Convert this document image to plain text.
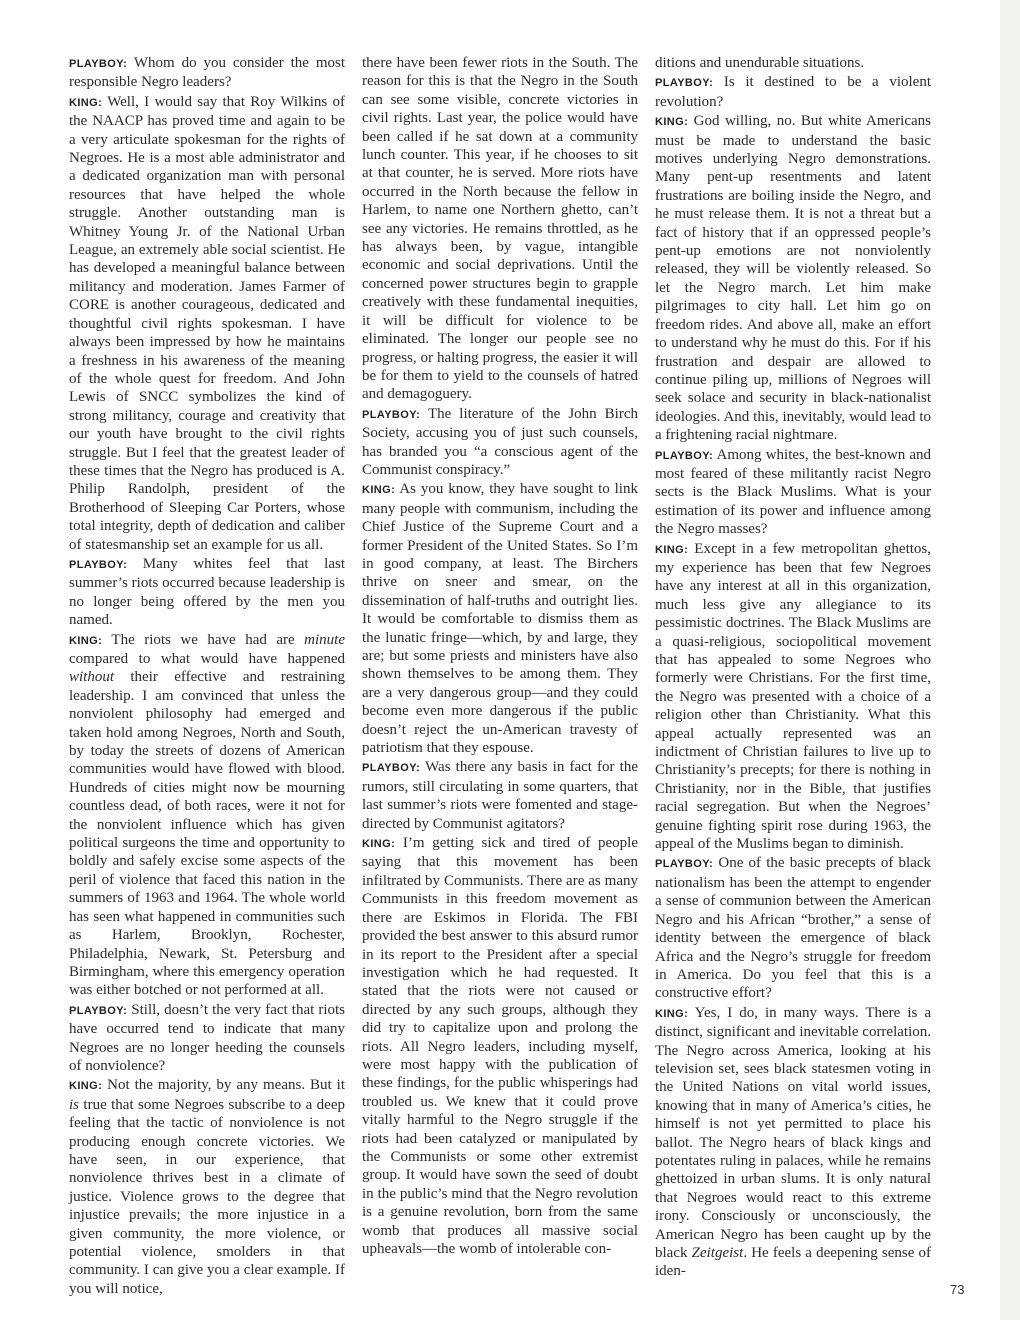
PLAYBOY: Whom do you consider the most responsible Negro leaders?

KING: Well, I would say that Roy Wilkins of the NAACP has proved time and again to be a very articulate spokesman for the rights of Negroes. He is a most able administrator and a dedicated organization man with personal resources that have helped the whole struggle. Another outstanding man is Whitney Young Jr. of the National Urban League, an extremely able social scientist. He has developed a meaningful balance between militancy and moderation. James Farmer of CORE is another courageous, dedicated and thoughtful civil rights spokesman. I have always been impressed by how he maintains a freshness in his awareness of the meaning of the whole quest for freedom. And John Lewis of SNCC symbolizes the kind of strong militancy, courage and creativity that our youth have brought to the civil rights struggle. But I feel that the greatest leader of these times that the Negro has produced is A. Philip Randolph, president of the Brotherhood of Sleeping Car Porters, whose total integrity, depth of dedication and caliber of statesmanship set an example for us all.

PLAYBOY: Many whites feel that last summer’s riots occurred because leadership is no longer being offered by the men you named.

KING: The riots we have had are minute compared to what would have happened without their effective and restraining leadership. I am convinced that unless the nonviolent philosophy had emerged and taken hold among Negroes, North and South, by today the streets of dozens of American communities would have flowed with blood. Hundreds of cities might now be mourning countless dead, of both races, were it not for the nonviolent influence which has given political surgeons the time and opportunity to boldly and safely excise some aspects of the peril of violence that faced this nation in the summers of 1963 and 1964. The whole world has seen what happened in communities such as Harlem, Brooklyn, Rochester, Philadelphia, Newark, St. Petersburg and Birmingham, where this emergency operation was either botched or not performed at all.

PLAYBOY: Still, doesn’t the very fact that riots have occurred tend to indicate that many Negroes are no longer heeding the counsels of nonviolence?

KING: Not the majority, by any means. But it is true that some Negroes subscribe to a deep feeling that the tactic of nonviolence is not producing enough concrete victories. We have seen, in our experience, that nonviolence thrives best in a climate of justice. Violence grows to the degree that injustice prevails; the more injustice in a given community, the more violence, or potential violence, smolders in that community. I can give you a clear example. If you will notice,

there have been fewer riots in the South. The reason for this is that the Negro in the South can see some visible, concrete victories in civil rights. Last year, the police would have been called if he sat down at a community lunch counter. This year, if he chooses to sit at that counter, he is served. More riots have occurred in the North because the fellow in Harlem, to name one Northern ghetto, can’t see any victories. He remains throttled, as he has always been, by vague, intangible economic and social deprivations. Until the concerned power structures begin to grapple creatively with these fundamental inequities, it will be difficult for violence to be eliminated. The longer our people see no progress, or halting progress, the easier it will be for them to yield to the counsels of hatred and demagoguery.

PLAYBOY: The literature of the John Birch Society, accusing you of just such counsels, has branded you “a conscious agent of the Communist conspiracy.”

KING: As you know, they have sought to link many people with communism, including the Chief Justice of the Supreme Court and a former President of the United States. So I’m in good company, at least. The Birchers thrive on sneer and smear, on the dissemination of half-truths and outright lies. It would be comfortable to dismiss them as the lunatic fringe—which, by and large, they are; but some priests and ministers have also shown themselves to be among them. They are a very dangerous group—and they could become even more dangerous if the public doesn’t reject the un-American travesty of patriotism that they espouse.

PLAYBOY: Was there any basis in fact for the rumors, still circulating in some quarters, that last summer’s riots were fomented and stage-directed by Communist agitators?

KING: I’m getting sick and tired of people saying that this movement has been infiltrated by Communists. There are as many Communists in this freedom movement as there are Eskimos in Florida. The FBI provided the best answer to this absurd rumor in its report to the President after a special investigation which he had requested. It stated that the riots were not caused or directed by any such groups, although they did try to capitalize upon and prolong the riots. All Negro leaders, including myself, were most happy with the publication of these findings, for the public whisperings had troubled us. We knew that it could prove vitally harmful to the Negro struggle if the riots had been catalyzed or manipulated by the Communists or some other extremist group. It would have sown the seed of doubt in the public’s mind that the Negro revolution is a genuine revolution, born from the same womb that produces all massive social upheavals—the womb of intolerable con-

ditions and unendurable situations.

PLAYBOY: Is it destined to be a violent revolution?

KING: God willing, no. But white Americans must be made to understand the basic motives underlying Negro demonstrations. Many pent-up resentments and latent frustrations are boiling inside the Negro, and he must release them. It is not a threat but a fact of history that if an oppressed people’s pent-up emotions are not nonviolently released, they will be violently released. So let the Negro march. Let him make pilgrimages to city hall. Let him go on freedom rides. And above all, make an effort to understand why he must do this. For if his frustration and despair are allowed to continue piling up, millions of Negroes will seek solace and security in black-nationalist ideologies. And this, inevitably, would lead to a frightening racial nightmare.

PLAYBOY: Among whites, the best-known and most feared of these militantly racist Negro sects is the Black Muslims. What is your estimation of its power and influence among the Negro masses?

KING: Except in a few metropolitan ghettos, my experience has been that few Negroes have any interest at all in this organization, much less give any allegiance to its pessimistic doctrines. The Black Muslims are a quasi-religious, sociopolitical movement that has appealed to some Negroes who formerly were Christians. For the first time, the Negro was presented with a choice of a religion other than Christianity. What this appeal actually represented was an indictment of Christian failures to live up to Christianity’s precepts; for there is nothing in Christianity, nor in the Bible, that justifies racial segregation. But when the Negroes’ genuine fighting spirit rose during 1963, the appeal of the Muslims began to diminish.

PLAYBOY: One of the basic precepts of black nationalism has been the attempt to engender a sense of communion between the American Negro and his African “brother,” a sense of identity between the emergence of black Africa and the Negro’s struggle for freedom in America. Do you feel that this is a constructive effort?

KING: Yes, I do, in many ways. There is a distinct, significant and inevitable correlation. The Negro across America, looking at his television set, sees black statesmen voting in the United Nations on vital world issues, knowing that in many of America’s cities, he himself is not yet permitted to place his ballot. The Negro hears of black kings and potentates ruling in palaces, while he remains ghettoized in urban slums. It is only natural that Negroes would react to this extreme irony. Consciously or unconsciously, the American Negro has been caught up by the black Zeitgeist. He feels a deepening sense of iden-

73
